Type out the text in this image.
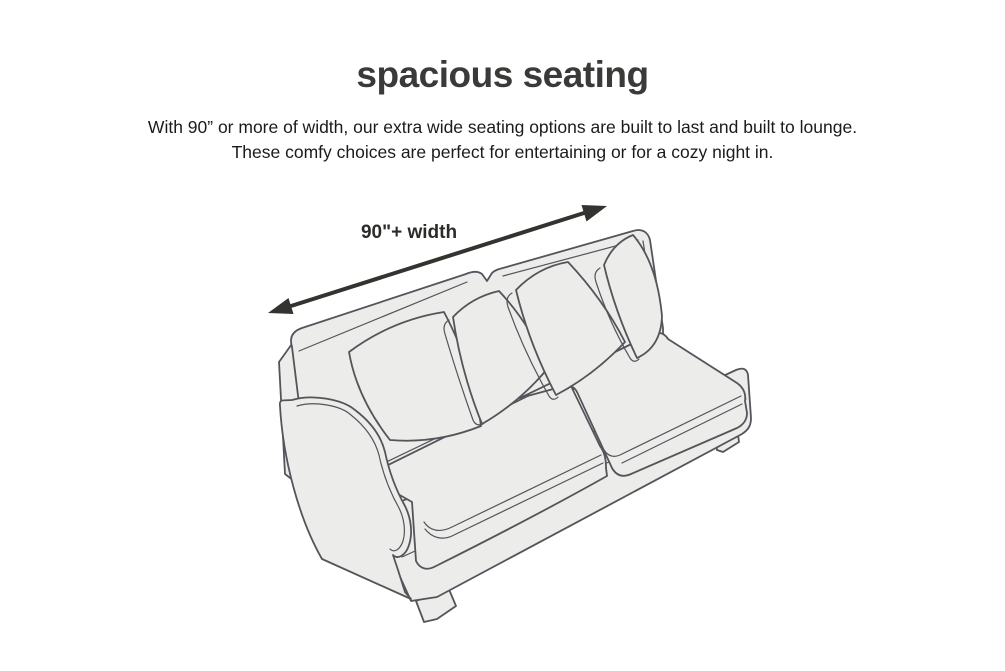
spacious seating
With 90” or more of width, our extra wide seating options are built to last and built to lounge.
These comfy choices are perfect for entertaining or for a cozy night in.
90"+ width
